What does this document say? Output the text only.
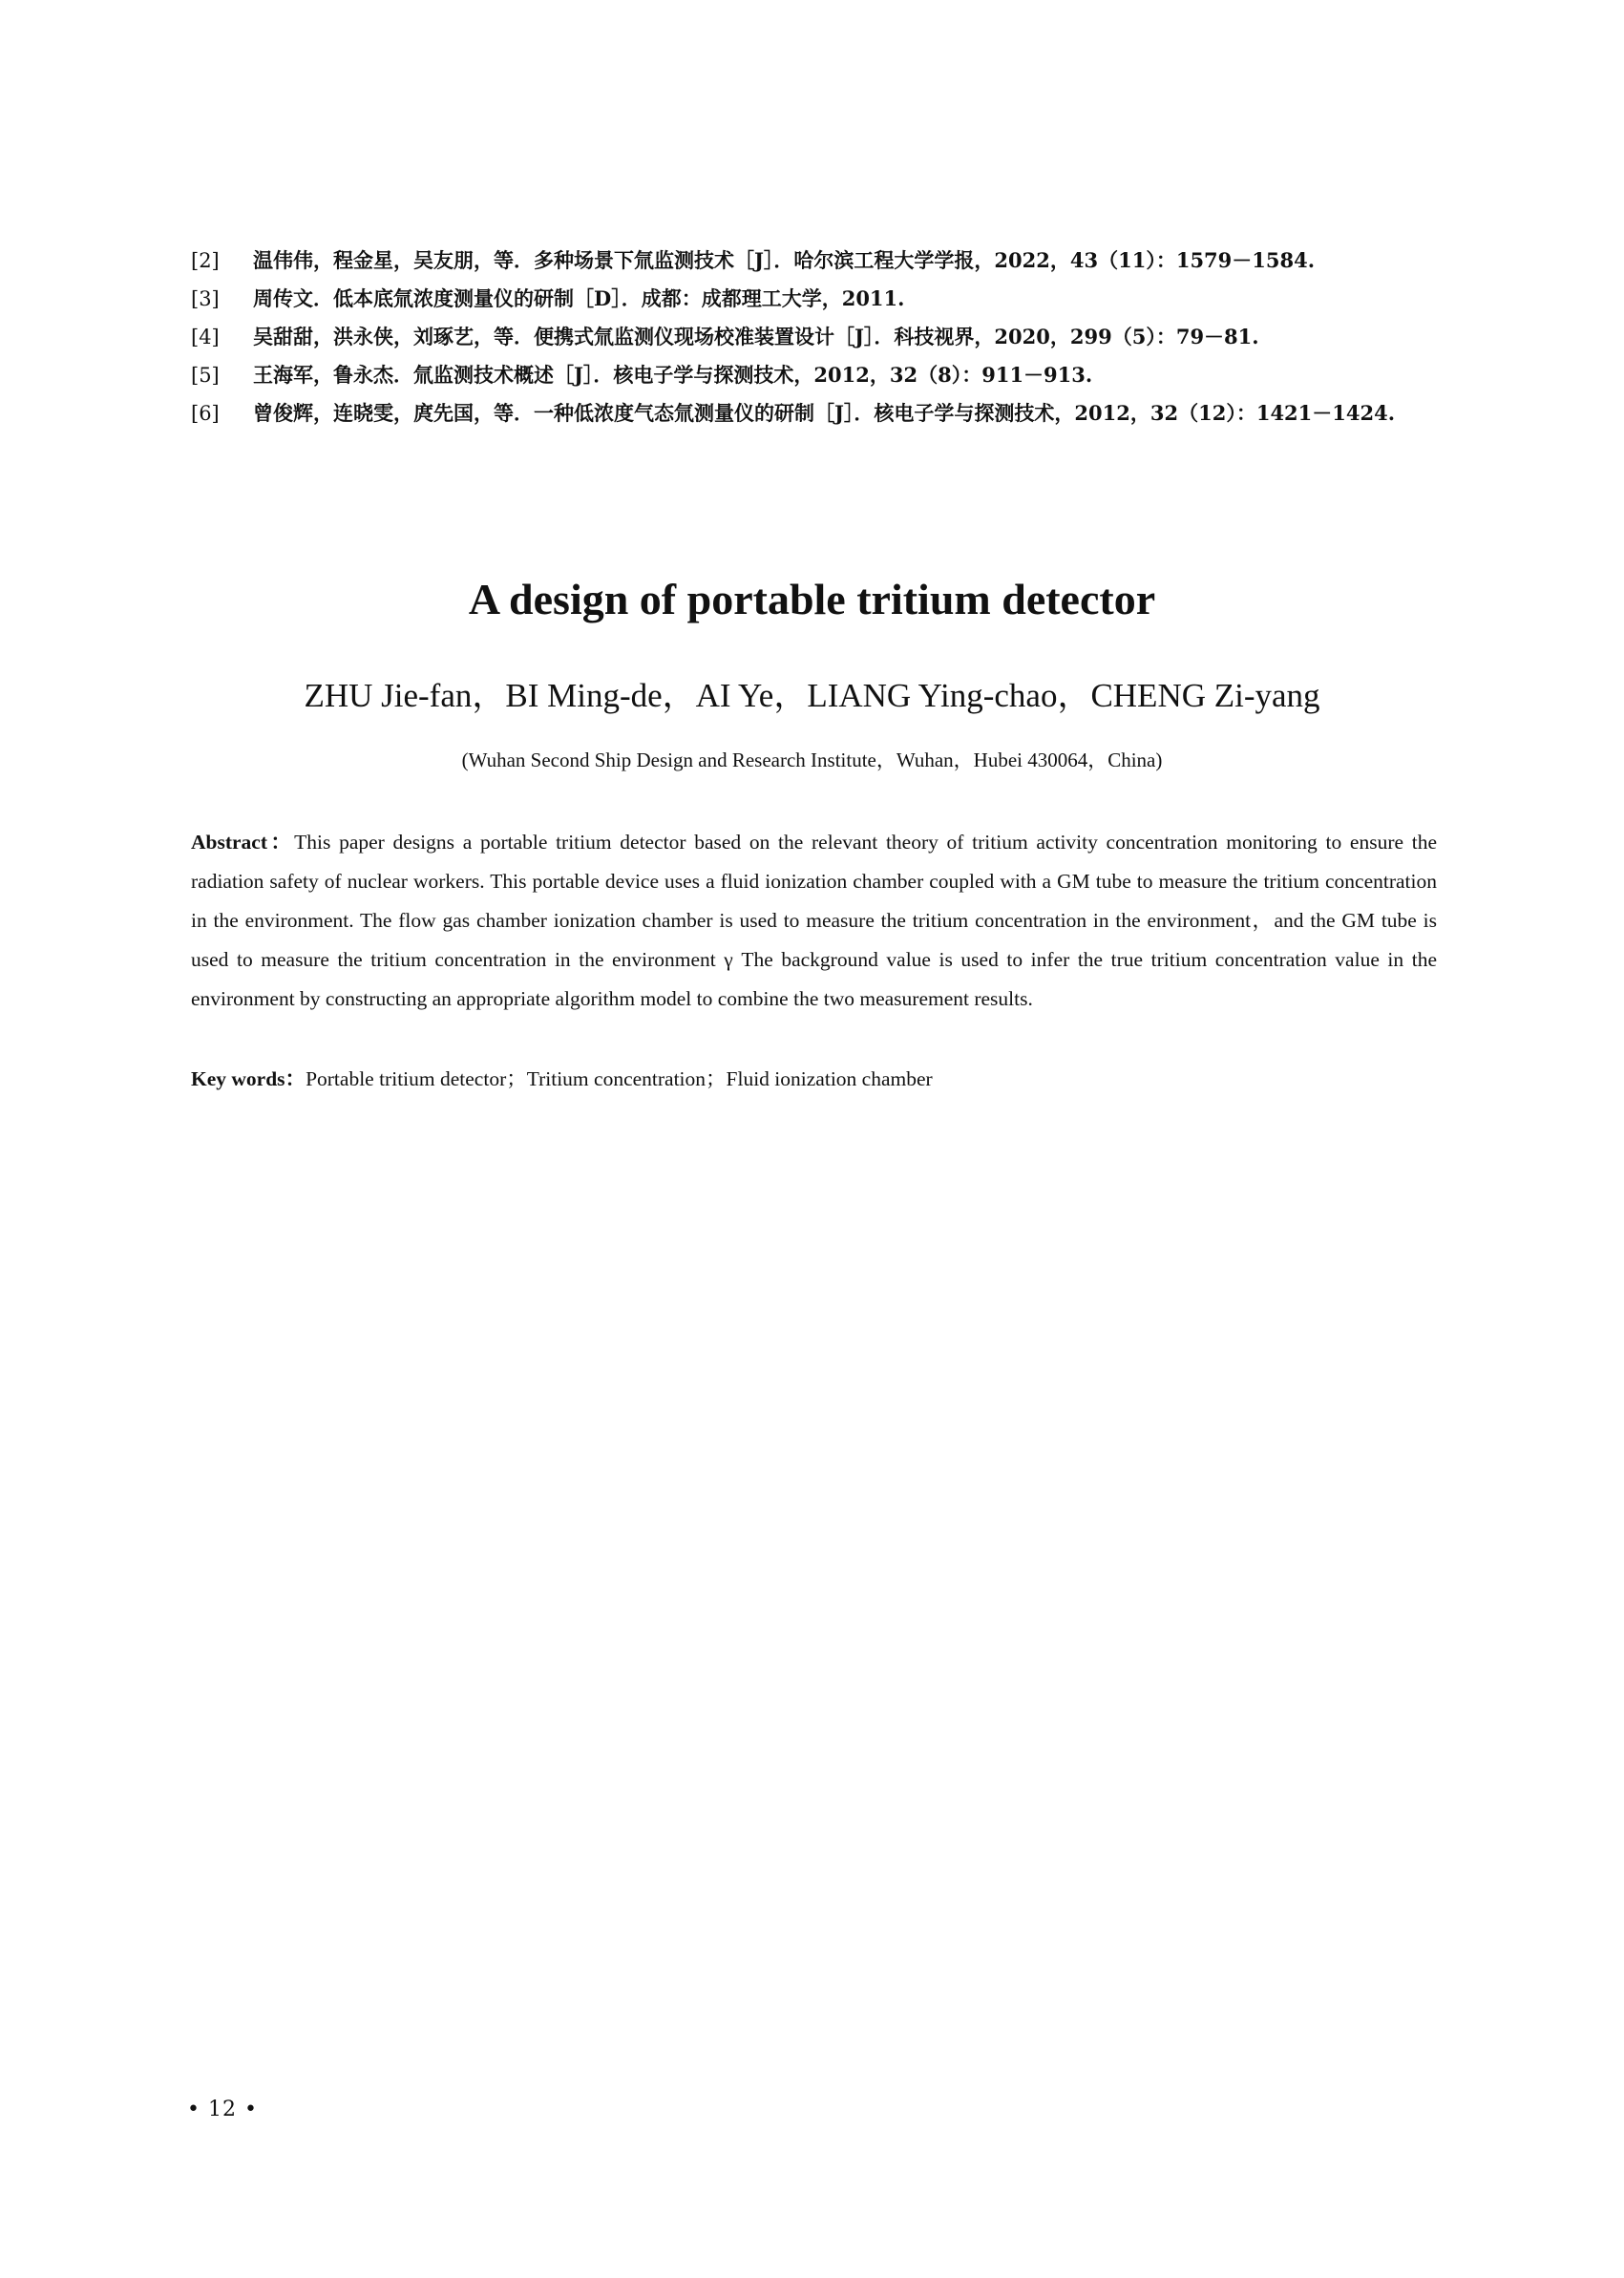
[2]	温伟伟，程金星，吴友朋，等．多种场景下氚监测技术［J］．哈尔滨工程大学学报，2022，43（11）：1579－1584.
[3]	周传文．低本底氚浓度测量仪的研制［D］．成都：成都理工大学，2011.
[4]	吴甜甜，洪永侠，刘琢艺，等．便携式氚监测仪现场校准装置设计［J］．科技视界，2020，299（5）：79－81.
[5]	王海军，鲁永杰．氚监测技术概述［J］．核电子学与探测技术，2012，32（8）：911－913.
[6]	曾俊辉，连晓雯，庹先国，等．一种低浓度气态氚测量仪的研制［J］．核电子学与探测技术，2012，32（12）：1421－1424.
A design of portable tritium detector
ZHU Jie-fan，BI Ming-de，AI Ye，LIANG Ying-chao，CHENG Zi-yang
(Wuhan Second Ship Design and Research Institute，Wuhan，Hubei 430064，China)
Abstract：This paper designs a portable tritium detector based on the relevant theory of tritium activity concentration monitoring to ensure the radiation safety of nuclear workers. This portable device uses a fluid ionization chamber coupled with a GM tube to measure the tritium concentration in the environment. The flow gas chamber ionization chamber is used to measure the tritium concentration in the environment，and the GM tube is used to measure the tritium concentration in the environment γ The background value is used to infer the true tritium concentration value in the environment by constructing an appropriate algorithm model to combine the two measurement results.
Key words：Portable tritium detector；Tritium concentration；Fluid ionization chamber
• 12 •
